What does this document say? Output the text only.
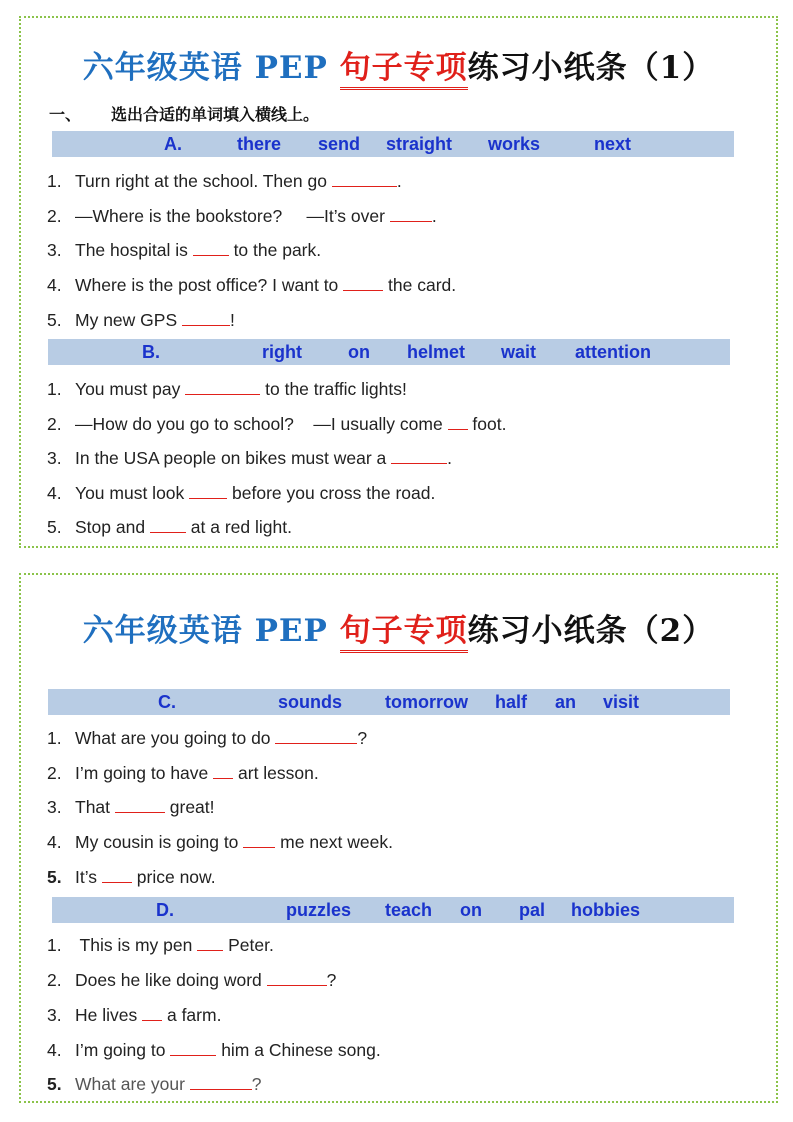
六年级英语 PEP 句子专项练习小纸条（1）
一、 选出合适的单词填入横线上。
A.	there send straight works	next
1. Turn right at the school. Then go	.
2. —Where is the bookstore?     —It’s over .
3. The hospital is  to the park.
4. Where is the post office? I want to  the card.
5. My new GPS	!
B.	right	on helmet wait attention
1. You must pay	to the traffic lights!
2. —How do you go to school?    —I usually come  foot.
3. In the USA people on bikes must wear a	.
4. You must look  before you cross the road.
5. Stop and  at a red light.
六年级英语 PEP 句子专项练习小纸条（2）
C.	sounds tomorrow half an visit
1. What are you going to do	?
2. I’m going to have  art lesson.
3. That	great!
4. My cousin is going to  me next week.
5. It’s  price now.
D.	puzzles teach on pal hobbies
1. This is my pen  Peter.
2. Does he like doing word	?
3. He lives  a farm.
4. I’m going to	him a Chinese song.
5. What are your	?
